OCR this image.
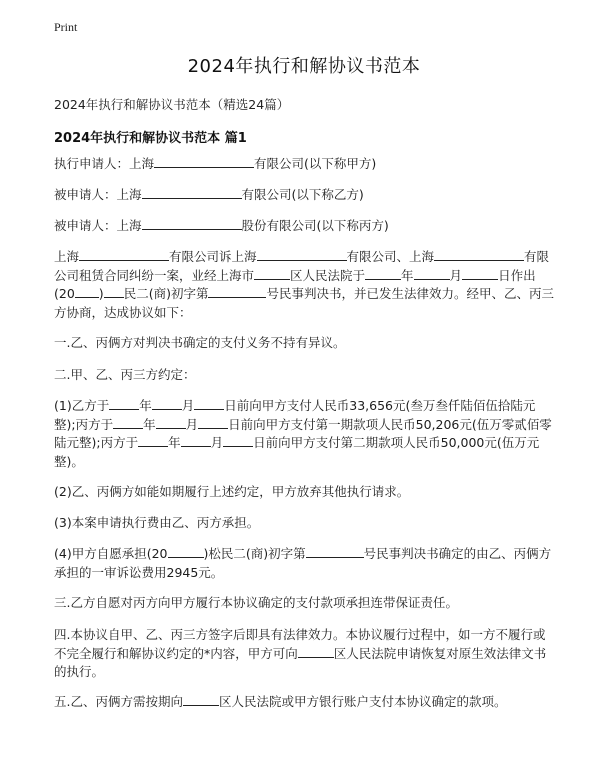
Print
2024年执行和解协议书范本
2024年执行和解协议书范本（精选24篇）
2024年执行和解协议书范本 篇1
执行申请人：上海	有限公司(以下称甲方)
被申请人：上海	有限公司(以下称乙方)
被申请人：上海	股份有限公司(以下称丙方)
上海	有限公司诉上海	有限公司、上海	有限公司租赁合同纠纷一案，业经上海市	区人民法院于	年	月	日作出(20 ) 民二(商)初字第	号民事判决书，并已发生法律效力。经甲、乙、丙三方协商，达成协议如下：
一.乙、丙俩方对判决书确定的支付义务不持有异议。
二.甲、乙、丙三方约定：
(1)乙方于 年 月 日前向甲方支付人民币33,656元(叁万叁仟陆佰伍拾陆元整);丙方于 年 月 日前向甲方支付第一期款项人民币50,206元(伍万零贰佰零陆元整);丙方于 年 月 日前向甲方支付第二期款项人民币50,000元(伍万元整)。
(2)乙、丙俩方如能如期履行上述约定，甲方放弃其他执行请求。
(3)本案申请执行费由乙、丙方承担。
(4)甲方自愿承担(20	)松民二(商)初字第	号民事判决书确定的由乙、丙俩方承担的一审诉讼费用2945元。
三.乙方自愿对丙方向甲方履行本协议确定的支付款项承担连带保证责任。
四.本协议自甲、乙、丙三方签字后即具有法律效力。本协议履行过程中，如一方不履行或不完全履行和解协议约定的*内容，甲方可向	区人民法院申请恢复对原生效法律文书的执行。
五.乙、丙俩方需按期向	区人民法院或甲方银行账户支付本协议确定的款项。
